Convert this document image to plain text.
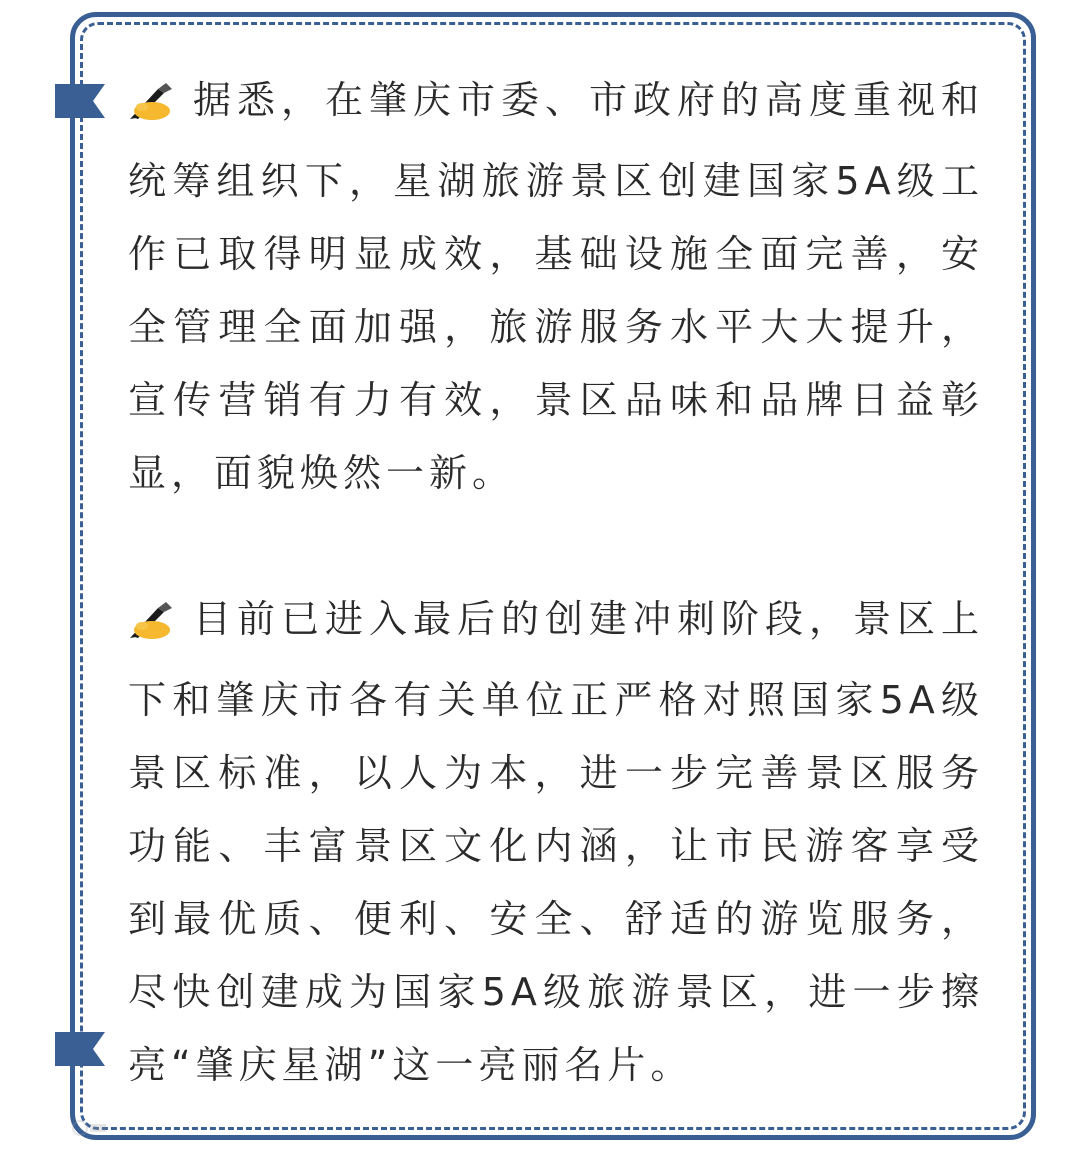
据悉，在肇庆市委、市政府的高度重视和统筹组织下，星湖旅游景区创建国家5A级工作已取得明显成效，基础设施全面完善，安全管理全面加强，旅游服务水平大大提升，宣传营销有力有效，景区品味和品牌日益彰显，面貌焕然一新。

目前已进入最后的创建冲刺阶段，景区上下和肇庆市各有关单位正严格对照国家5A级景区标准，以人为本，进一步完善景区服务功能、丰富景区文化内涵，让市民游客享受到最优质、便利、安全、舒适的游览服务，尽快创建成为国家5A级旅游景区，进一步擦亮“肇庆星湖”这一亮丽名片。
